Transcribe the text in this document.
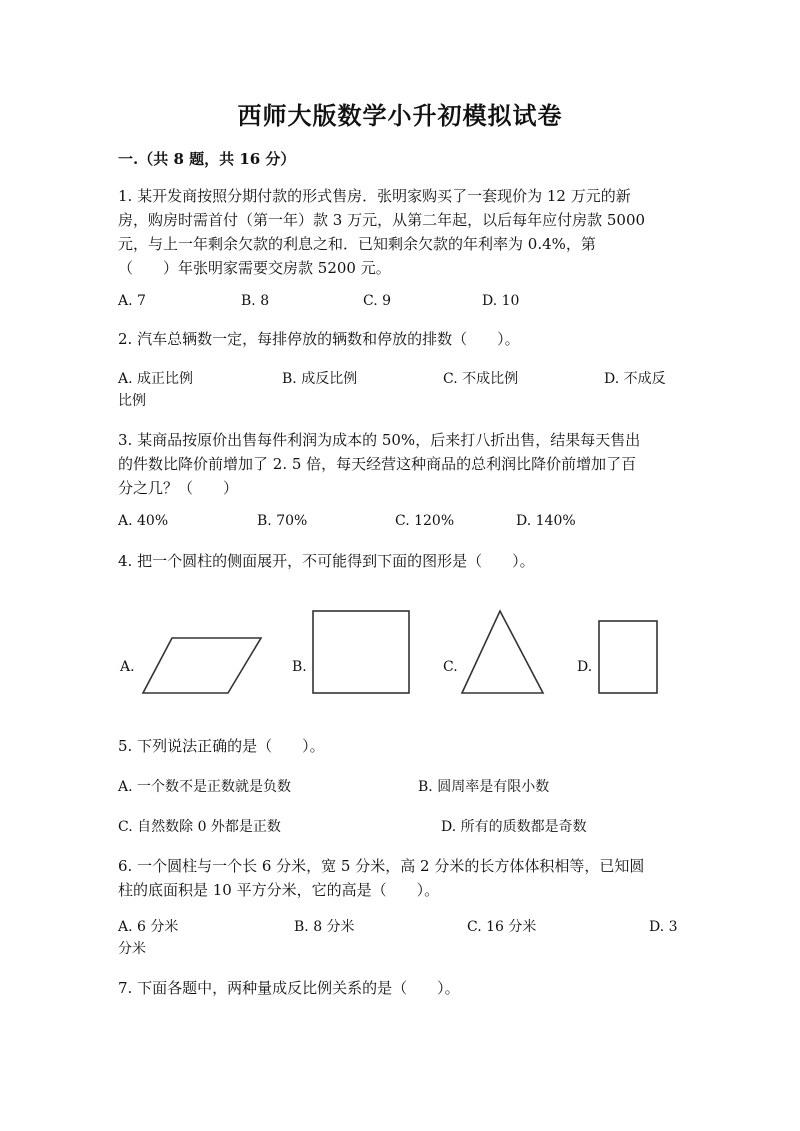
西师大版数学小升初模拟试卷
一.（共 8 题，共 16 分）
1. 某开发商按照分期付款的形式售房．张明家购买了一套现价为 12 万元的新
房，购房时需首付（第一年）款 3 万元，从第二年起，以后每年应付房款 5000
元，与上一年剩余欠款的利息之和．已知剩余欠款的年利率为 0.4%，第
（　　）年张明家需要交房款 5200 元。
A. 7	B. 8	C. 9	D. 10
2. 汽车总辆数一定，每排停放的辆数和停放的排数（　　）。
A. 成正比例	B. 成反比例	C. 不成比例	D. 不成反
比例
3. 某商品按原价出售每件利润为成本的 50%，后来打八折出售，结果每天售出
的件数比降价前增加了 2. 5 倍，每天经营这种商品的总利润比降价前增加了百
分之几？（　　）
A. 40%	B. 70%	C. 120%	D. 140%
4. 把一个圆柱的侧面展开，不可能得到下面的图形是（　　）。
A.	B.	C.	D.
5. 下列说法正确的是（　　）。
A. 一个数不是正数就是负数	B. 圆周率是有限小数
C. 自然数除 0 外都是正数	D. 所有的质数都是奇数
6. 一个圆柱与一个长 6 分米，宽 5 分米，高 2 分米的长方体体积相等，已知圆
柱的底面积是 10 平方分米，它的高是（　　）。
A. 6 分米	B. 8 分米	C. 16 分米	D. 3
分米
7. 下面各题中，两种量成反比例关系的是（　　）。
